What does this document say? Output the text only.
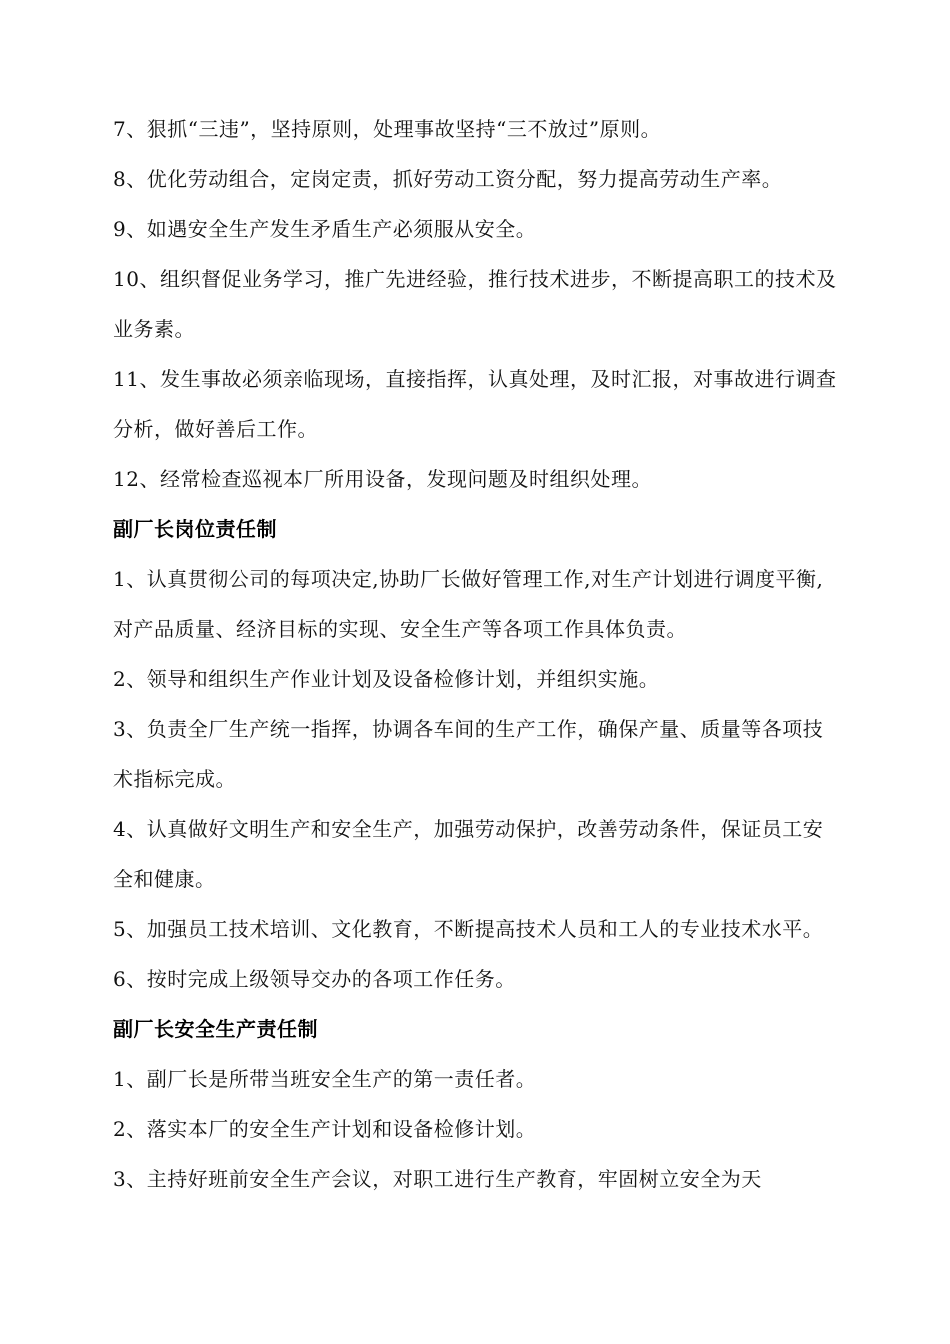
7、狠抓“三违”，坚持原则，处理事故坚持“三不放过”原则。

8、优化劳动组合，定岗定责，抓好劳动工资分配，努力提高劳动生产率。

9、如遇安全生产发生矛盾生产必须服从安全。

10、组织督促业务学习，推广先进经验，推行技术进步，不断提高职工的技术及业务素。

11、发生事故必须亲临现场，直接指挥，认真处理，及时汇报，对事故进行调查分析，做好善后工作。

12、经常检查巡视本厂所用设备，发现问题及时组织处理。

副厂长岗位责任制

1、认真贯彻公司的每项决定,协助厂长做好管理工作,对生产计划进行调度平衡,对产品质量、经济目标的实现、安全生产等各项工作具体负责。

2、领导和组织生产作业计划及设备检修计划，并组织实施。

3、负责全厂生产统一指挥，协调各车间的生产工作，确保产量、质量等各项技术指标完成。

4、认真做好文明生产和安全生产，加强劳动保护，改善劳动条件，保证员工安全和健康。

5、加强员工技术培训、文化教育，不断提高技术人员和工人的专业技术水平。

6、按时完成上级领导交办的各项工作任务。

副厂长安全生产责任制

1、副厂长是所带当班安全生产的第一责任者。

2、落实本厂的安全生产计划和设备检修计划。

3、主持好班前安全生产会议，对职工进行生产教育，牢固树立安全为天
